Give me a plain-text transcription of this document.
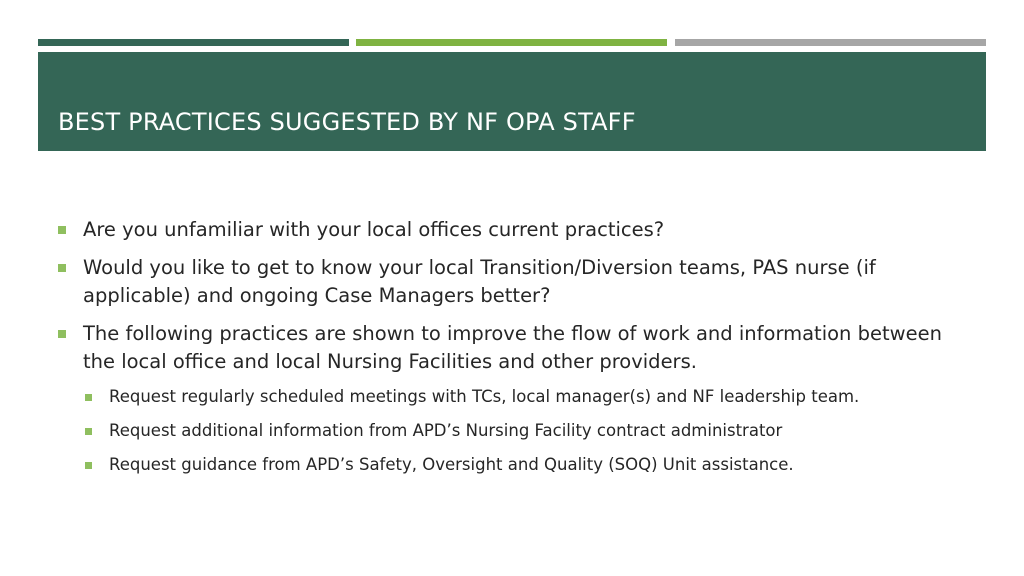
BEST PRACTICES SUGGESTED BY NF OPA STAFF
Are you unfamiliar with your local offices current practices?
Would you like to get to know your local Transition/Diversion teams, PAS nurse (if applicable) and ongoing Case Managers better?
The following practices are shown to improve the flow of work and information between the local office and local Nursing Facilities and other providers.
Request regularly scheduled meetings with TCs, local manager(s) and NF leadership team.
Request additional information from APD’s Nursing Facility contract administrator
Request guidance from APD’s Safety, Oversight and Quality (SOQ) Unit assistance.
